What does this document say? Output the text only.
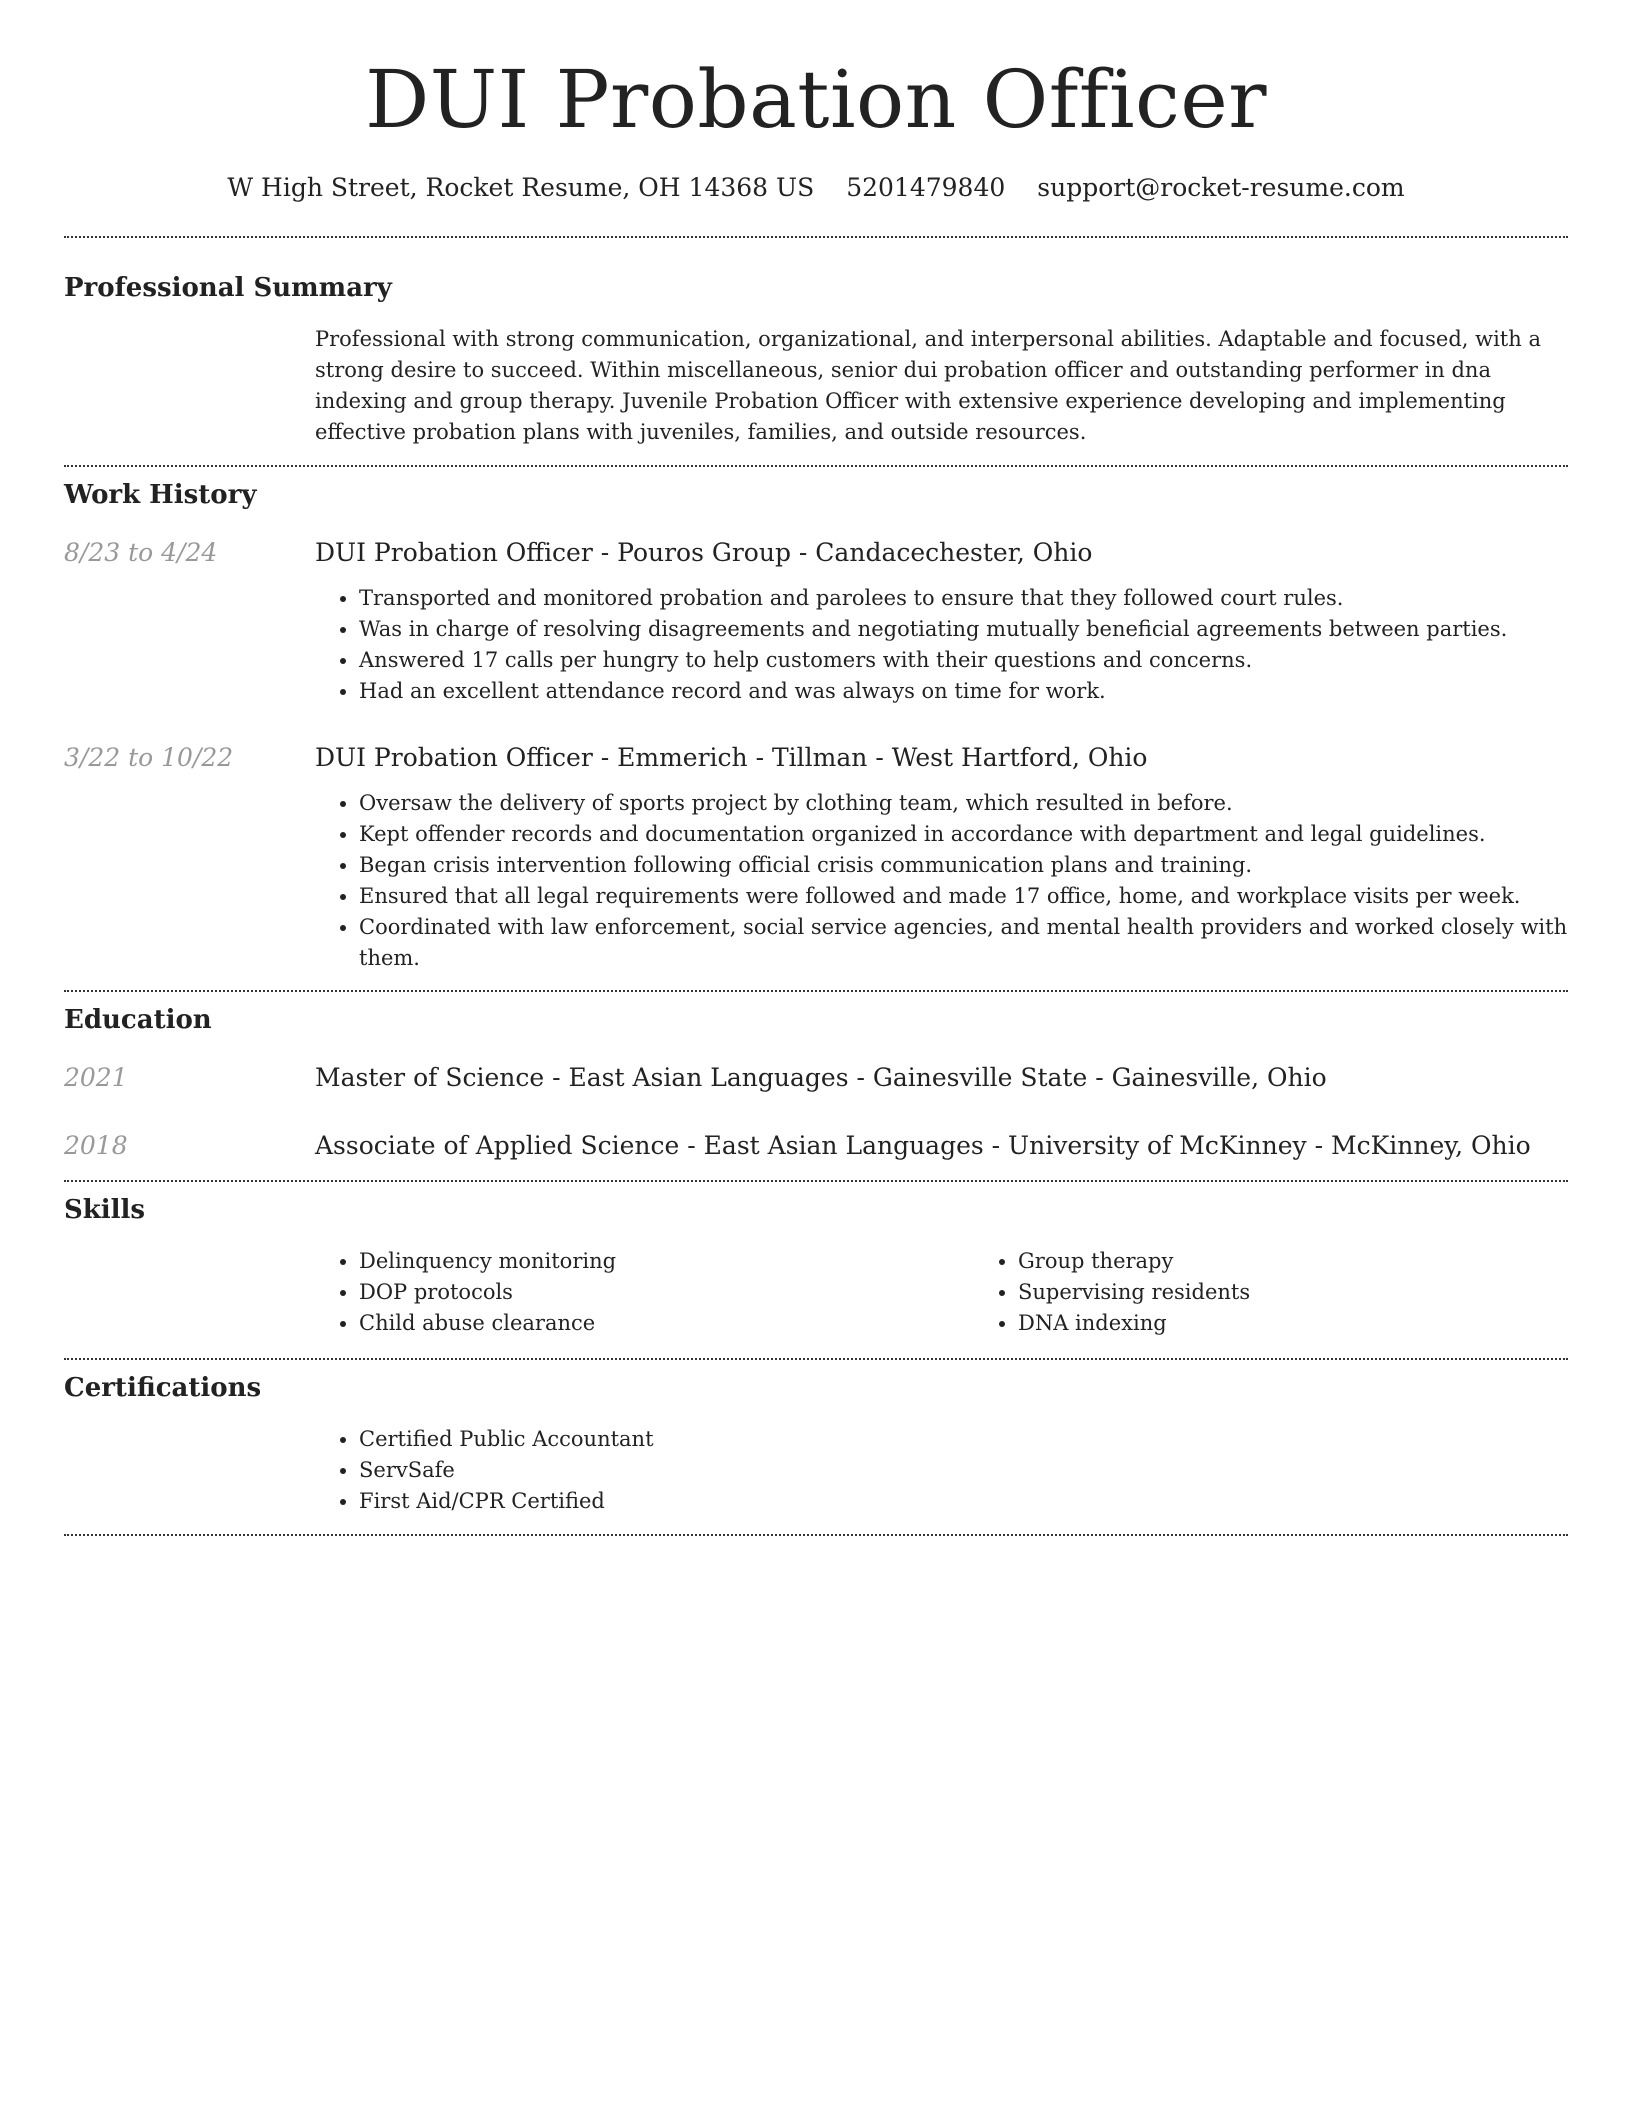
DUI Probation Officer
W High Street, Rocket Resume, OH 14368 US 5201479840 support@rocket-resume.com
Professional Summary

Professional with strong communication, organizational, and interpersonal abilities. Adaptable and focused, with a strong desire to succeed. Within miscellaneous, senior dui probation officer and outstanding performer in dna indexing and group therapy. Juvenile Probation Officer with extensive experience developing and implementing effective probation plans with juveniles, families, and outside resources.

Work History
8/23 to 4/24	DUI Probation Officer - Pouros Group - Candacechester, Ohio

• Transported and monitored probation and parolees to ensure that they followed court rules.
• Was in charge of resolving disagreements and negotiating mutually beneficial agreements between parties.
• Answered 17 calls per hungry to help customers with their questions and concerns.
• Had an excellent attendance record and was always on time for work.
3/22 to 10/22	DUI Probation Officer - Emmerich - Tillman - West Hartford, Ohio

• Oversaw the delivery of sports project by clothing team, which resulted in before.
• Kept offender records and documentation organized in accordance with department and legal guidelines.
• Began crisis intervention following official crisis communication plans and training.
• Ensured that all legal requirements were followed and made 17 office, home, and workplace visits per week.
• Coordinated with law enforcement, social service agencies, and mental health providers and worked closely with them.
Education
2021	Master of Science - East Asian Languages - Gainesville State - Gainesville, Ohio

2018	Associate of Applied Science - East Asian Languages - University of McKinney - McKinney, Ohio

Skills
• Delinquency monitoring
• DOP protocols
• Child abuse clearance
• Group therapy
• Supervising residents
• DNA indexing
Certifications
• Certified Public Accountant
• ServSafe
• First Aid/CPR Certified
